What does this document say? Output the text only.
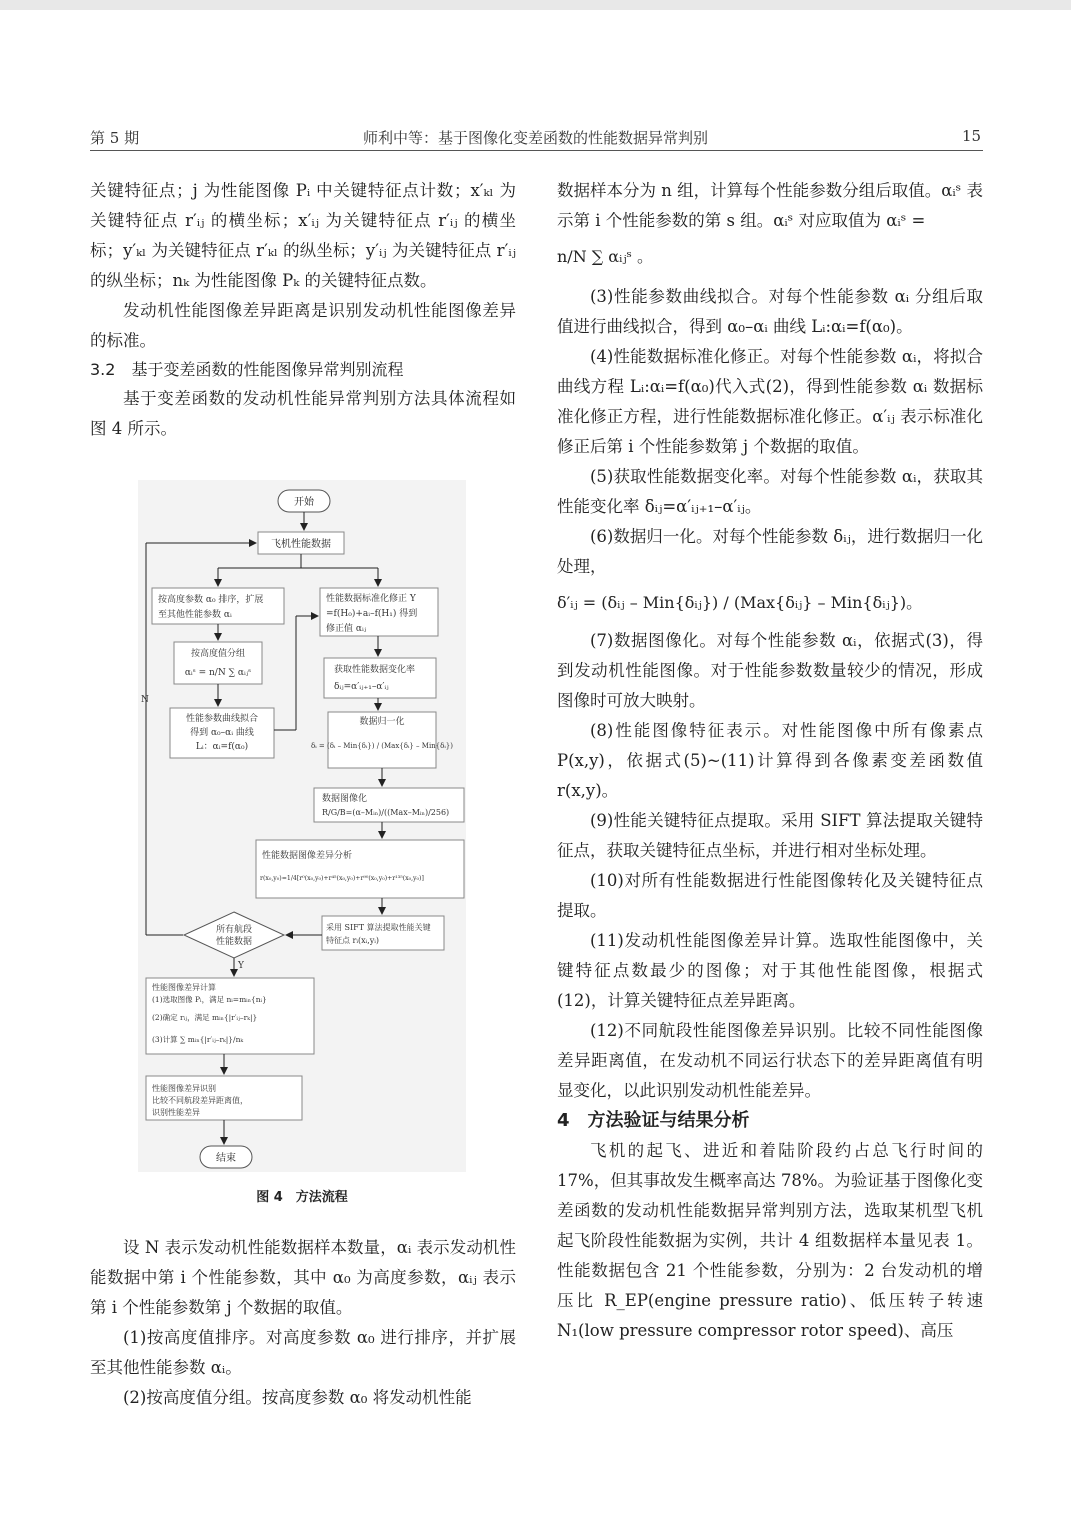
第 5 期	师利中等：基于图像化变差函数的性能数据异常判别	15

关键特征点；j 为性能图像 Pᵢ 中关键特征点计数；x′ₖₗ 为关键特征点 r′ᵢⱼ 的横坐标；x′ᵢⱼ 为关键特征点 r′ᵢⱼ 的横坐标；y′ₖₗ 为关键特征点 r′ₖₗ 的纵坐标；y′ᵢⱼ 为关键特征点 r′ᵢⱼ 的纵坐标；nₖ 为性能图像 Pₖ 的关键特征点数。

发动机性能图像差异距离是识别发动机性能图像差异的标准。

3.2　基于变差函数的性能图像异常判别流程

基于变差函数的发动机性能异常判别方法具体流程如图 4 所示。

开始
飞机性能数据
N
按高度参数 α₀ 排序，扩展
至其他性能参数 αᵢ
按高度值分组
αᵢˢ = n/N ∑ αᵢⱼˢ
性能参数曲线拟合
得到 α₀–αᵢ 曲线
Lᵢ：αᵢ=f(α₀)
性能数据标准化修正 Y
=f(H₀)+aᵢ–f(H₁) 得到
修正值 αᵢⱼ
获取性能数据变化率
δᵢⱼ=α′ᵢⱼ₊₁–α′ᵢⱼ
数据归一化
δᵢ = (δᵢ – Min{δᵢ}) / (Max{δᵢ} – Min{δᵢ})
数据图像化
R/G/B=(α–Mᵢₙ)/((Max–Mᵢₙ)/256)
性能数据图像差异分析
r(x₀,y₀)=1/4[r⁰(x₀,y₀)+r⁴⁵(x₀,y₀)+r⁹⁰(x₀,y₀)+r¹³⁵(x₀,y₀)]
采用 SIFT 算法提取性能关键
特征点 rᵢ(xᵢ,yᵢ)
所有航段
性能数据
Y
性能图像差异计算
(1)选取图像 Pᵢ，满足 nᵢ=mᵢₙ{nᵢ}
(2)确定 rᵢⱼ，满足 mᵢₙ{|r′ᵢⱼ–rₖ|}
(3)计算 ∑ mᵢₙ{|r′ᵢⱼ–rₖ|}/nₖ
性能图像差异识别
比较不同航段差异距离值，
识别性能差异
结束
图 4　方法流程

设 N 表示发动机性能数据样本数量，αᵢ 表示发动机性能数据中第 i 个性能参数，其中 α₀ 为高度参数，αᵢⱼ 表示第 i 个性能参数第 j 个数据的取值。

(1)按高度值排序。对高度参数 α₀ 进行排序，并扩展至其他性能参数 αᵢ。

(2)按高度值分组。按高度参数 α₀ 将发动机性能

数据样本分为 n 组，计算每个性能参数分组后取值。αᵢˢ 表示第 i 个性能参数的第 s 组。αᵢˢ 对应取值为 αᵢˢ =

n/N ∑ αᵢⱼˢ 。

(3)性能参数曲线拟合。对每个性能参数 αᵢ 分组后取值进行曲线拟合，得到 α₀–αᵢ 曲线 Lᵢ:αᵢ=f(α₀)。

(4)性能数据标准化修正。对每个性能参数 αᵢ，将拟合曲线方程 Lᵢ:αᵢ=f(α₀)代入式(2)，得到性能参数 αᵢ 数据标准化修正方程，进行性能数据标准化修正。α′ᵢⱼ 表示标准化修正后第 i 个性能参数第 j 个数据的取值。

(5)获取性能数据变化率。对每个性能参数 αᵢ，获取其性能变化率 δᵢⱼ=α′ᵢⱼ₊₁–α′ᵢⱼ。

(6)数据归一化。对每个性能参数 δᵢⱼ，进行数据归一化处理，

δ′ᵢⱼ = (δᵢⱼ – Min{δᵢⱼ}) / (Max{δᵢⱼ} – Min{δᵢⱼ})。

(7)数据图像化。对每个性能参数 αᵢ，依据式(3)，得到发动机性能图像。对于性能参数数量较少的情况，形成图像时可放大映射。

(8)性能图像特征表示。对性能图像中所有像素点 P(x,y)，依据式(5)~(11)计算得到各像素变差函数值 r(x,y)。

(9)性能关键特征点提取。采用 SIFT 算法提取关键特征点，获取关键特征点坐标，并进行相对坐标处理。

(10)对所有性能数据进行性能图像转化及关键特征点提取。

(11)发动机性能图像差异计算。选取性能图像中，关键特征点数最少的图像；对于其他性能图像，根据式(12)，计算关键特征点差异距离。

(12)不同航段性能图像差异识别。比较不同性能图像差异距离值，在发动机不同运行状态下的差异距离值有明显变化，以此识别发动机性能差异。

4　方法验证与结果分析

飞机的起飞、进近和着陆阶段约占总飞行时间的 17%，但其事故发生概率高达 78%。为验证基于图像化变差函数的发动机性能数据异常判别方法，选取某机型飞机起飞阶段性能数据为实例，共计 4 组数据样本量见表 1。性能数据包含 21 个性能参数，分别为：2 台发动机的增压比 R_EP(engine pressure ratio)、低压转子转速 N₁(low pressure compressor rotor speed)、高压
